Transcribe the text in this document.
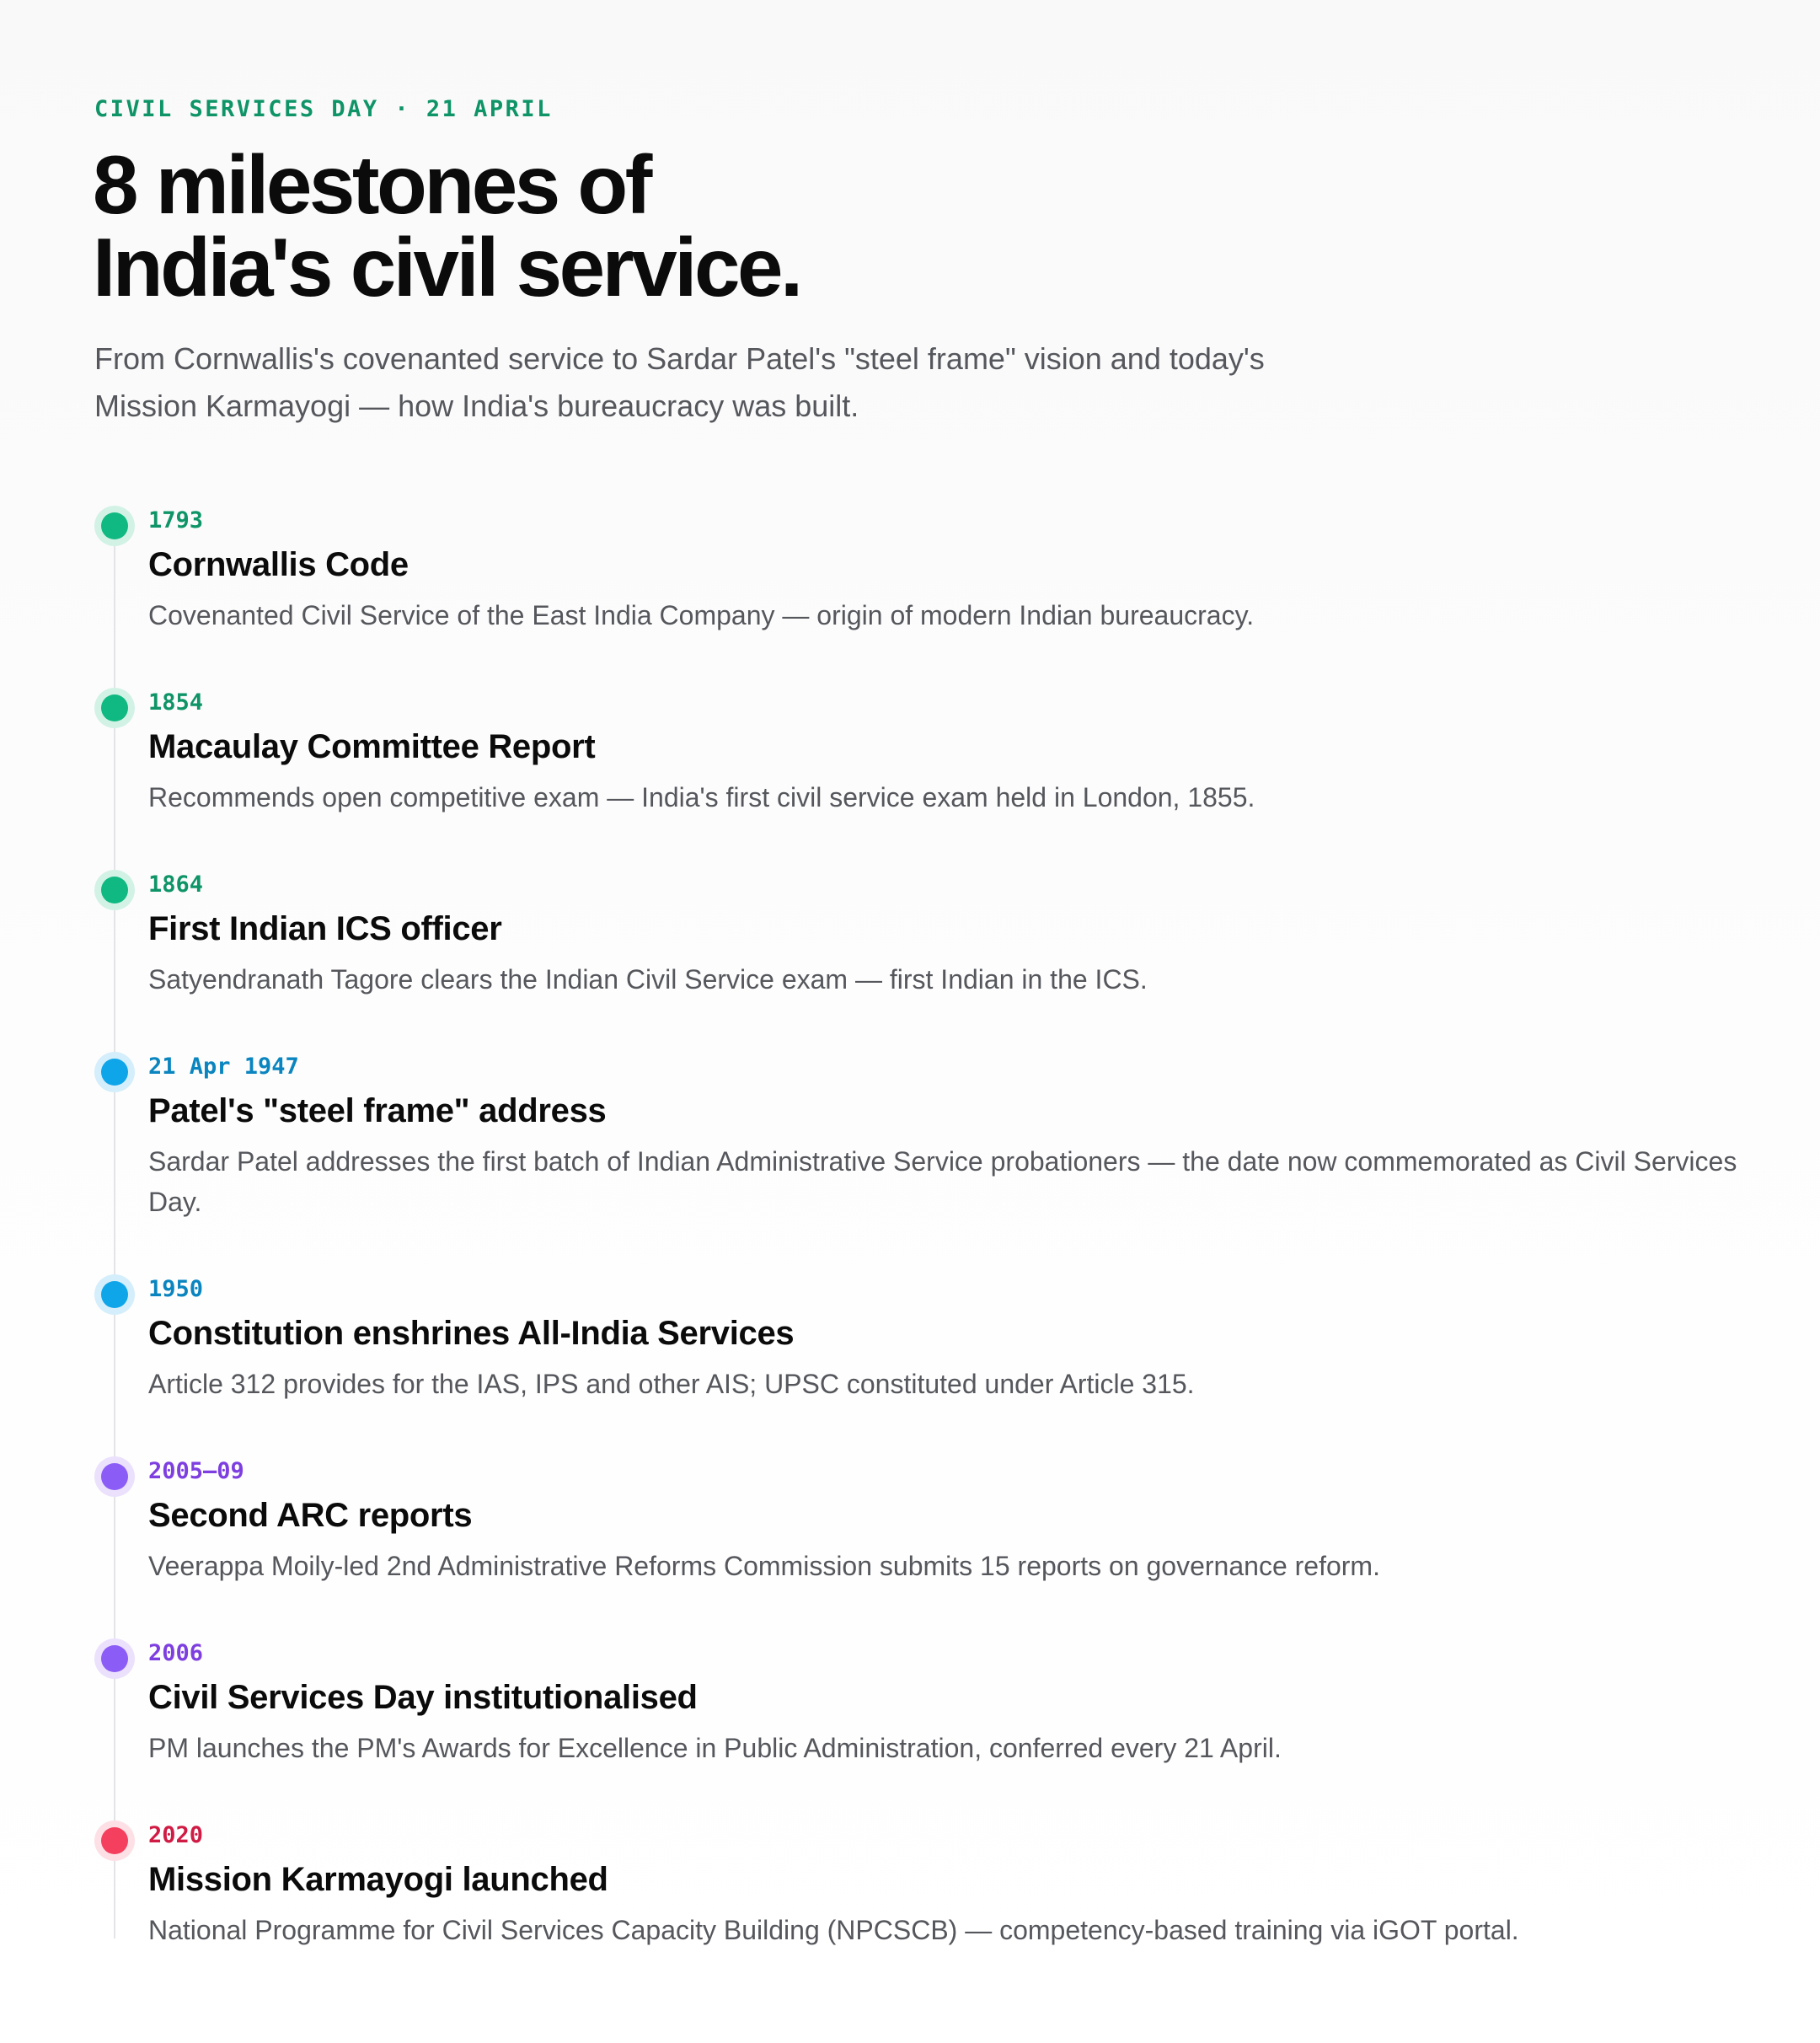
CIVIL SERVICES DAY · 21 APRIL
8 milestones of
India's civil service.

From Cornwallis's covenanted service to Sardar Patel's "steel frame" vision and today's Mission Karmayogi — how India's bureaucracy was built.

1793
Cornwallis Code
Covenanted Civil Service of the East India Company — origin of modern Indian bureaucracy.
1854
Macaulay Committee Report
Recommends open competitive exam — India's first civil service exam held in London, 1855.
1864
First Indian ICS officer
Satyendranath Tagore clears the Indian Civil Service exam — first Indian in the ICS.
21 Apr 1947
Patel's "steel frame" address
Sardar Patel addresses the first batch of Indian Administrative Service probationers — the date now commemorated as Civil Services Day.
1950
Constitution enshrines All-India Services
Article 312 provides for the IAS, IPS and other AIS; UPSC constituted under Article 315.
2005–09
Second ARC reports
Veerappa Moily-led 2nd Administrative Reforms Commission submits 15 reports on governance reform.
2006
Civil Services Day institutionalised
PM launches the PM's Awards for Excellence in Public Administration, conferred every 21 April.
2020
Mission Karmayogi launched
National Programme for Civil Services Capacity Building (NPCSCB) — competency-based training via iGOT portal.
